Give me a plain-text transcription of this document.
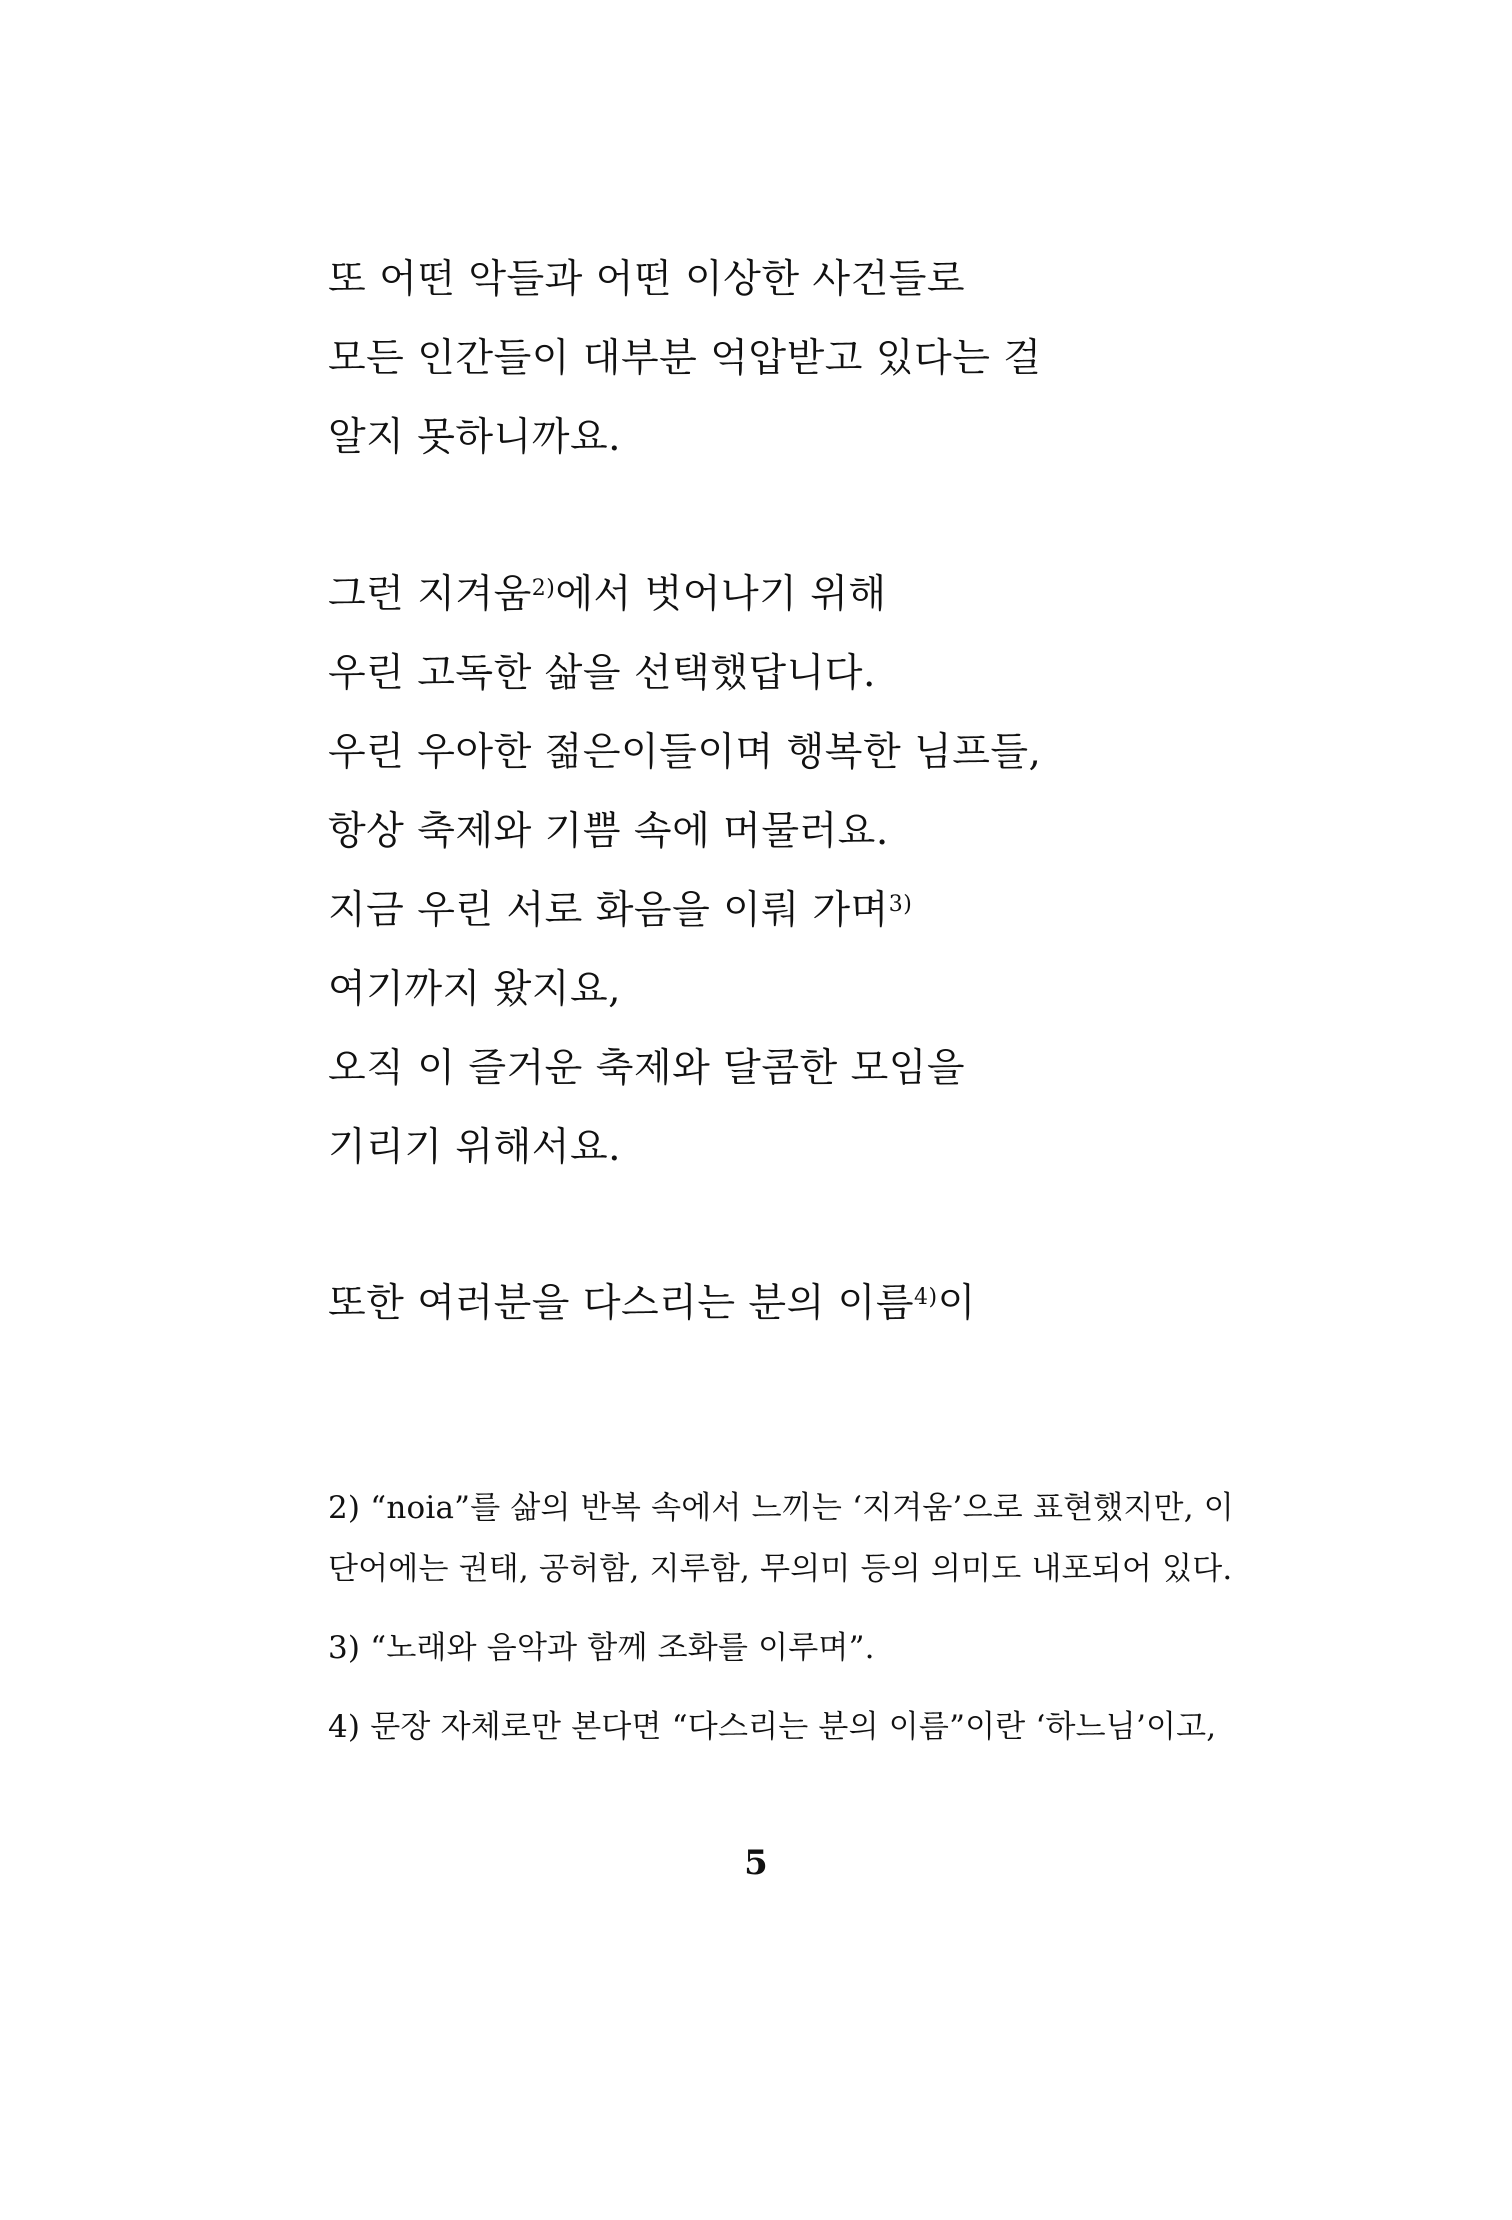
또 어떤 악들과 어떤 이상한 사건들로
모든 인간들이 대부분 억압받고 있다는 걸
알지 못하니까요.
그런 지겨움$^{2)}$에서 벗어나기 위해
우린 고독한 삶을 선택했답니다.
우린 우아한 젊은이들이며 행복한 님프들,
항상 축제와 기쁨 속에 머물러요.
지금 우린 서로 화음을 이뤄 가며$^{3)}$
여기까지 왔지요,
오직 이 즐거운 축제와 달콤한 모임을
기리기 위해서요.
또한 여러분을 다스리는 분의 이름$^{4)}$이

2) “noia”를 삶의 반복 속에서 느끼는 ‘지겨움’으로 표현했지만, 이 단어에는 권태, 공허함, 지루함, 무의미 등의 의미도 내포되어 있다.

3) “노래와 음악과 함께 조화를 이루며”.

4) 문장 자체로만 본다면 “다스리는 분의 이름”이란 ‘하느님’이고,

5
